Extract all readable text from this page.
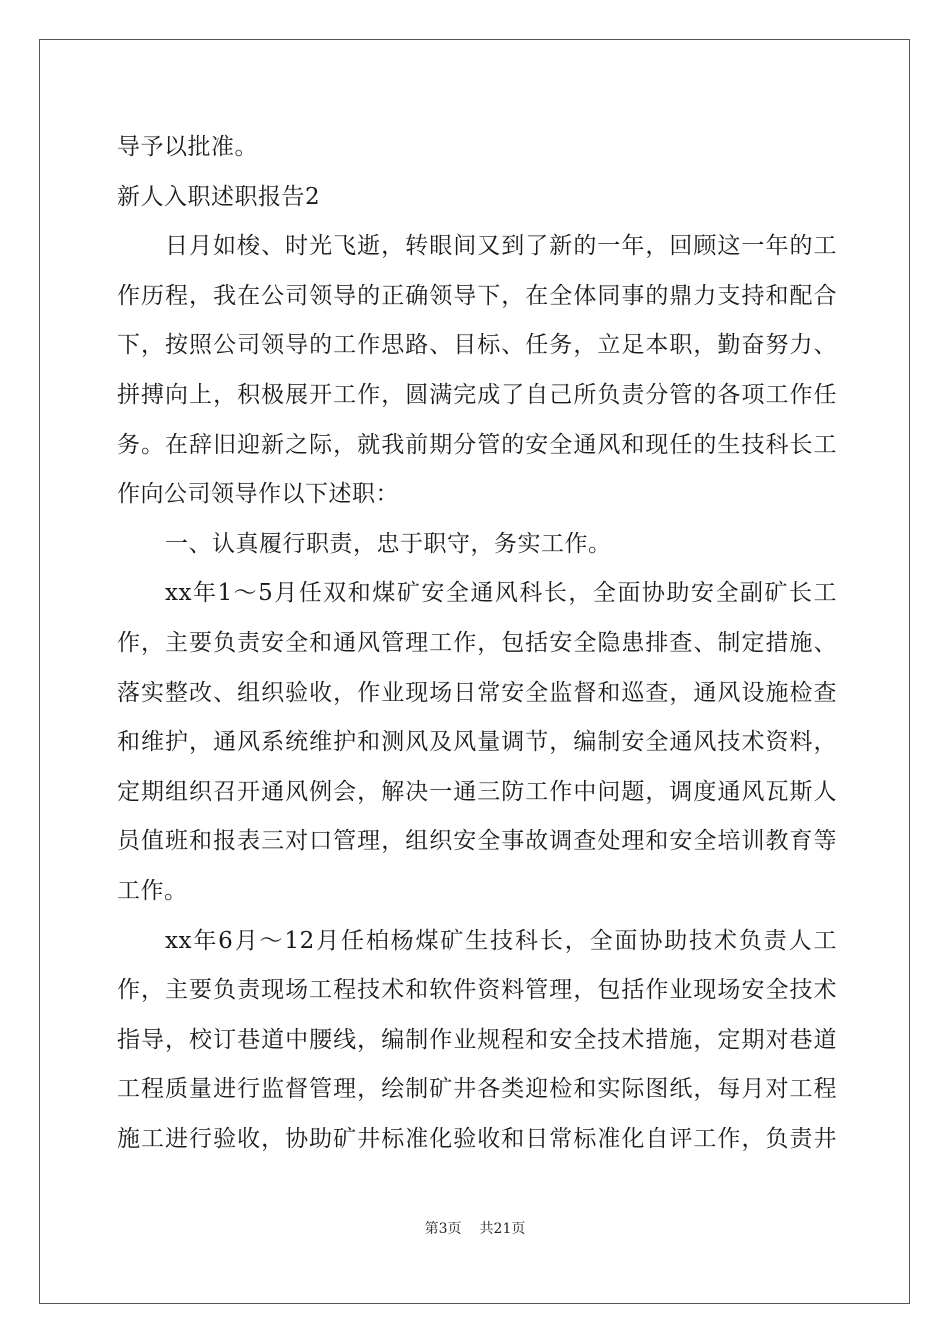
导予以批准。
新人入职述职报告2
日月如梭、时光飞逝，转眼间又到了新的一年，回顾这一年的工
作历程，我在公司领导的正确领导下，在全体同事的鼎力支持和配合
下，按照公司领导的工作思路、目标、任务，立足本职，勤奋努力、
拼搏向上，积极展开工作，圆满完成了自己所负责分管的各项工作任
务。在辞旧迎新之际，就我前期分管的安全通风和现任的生技科长工
作向公司领导作以下述职：
一、认真履行职责，忠于职守，务实工作。
xx年1～5月任双和煤矿安全通风科长，全面协助安全副矿长工
作，主要负责安全和通风管理工作，包括安全隐患排查、制定措施、
落实整改、组织验收，作业现场日常安全监督和巡查，通风设施检查
和维护，通风系统维护和测风及风量调节，编制安全通风技术资料，
定期组织召开通风例会，解决一通三防工作中问题，调度通风瓦斯人
员值班和报表三对口管理，组织安全事故调查处理和安全培训教育等
工作。
xx年6月～12月任柏杨煤矿生技科长，全面协助技术负责人工
作，主要负责现场工程技术和软件资料管理，包括作业现场安全技术
指导，校订巷道中腰线，编制作业规程和安全技术措施，定期对巷道
工程质量进行监督管理，绘制矿井各类迎检和实际图纸，每月对工程
施工进行验收，协助矿井标准化验收和日常标准化自评工作，负责井
第3页 共21页
